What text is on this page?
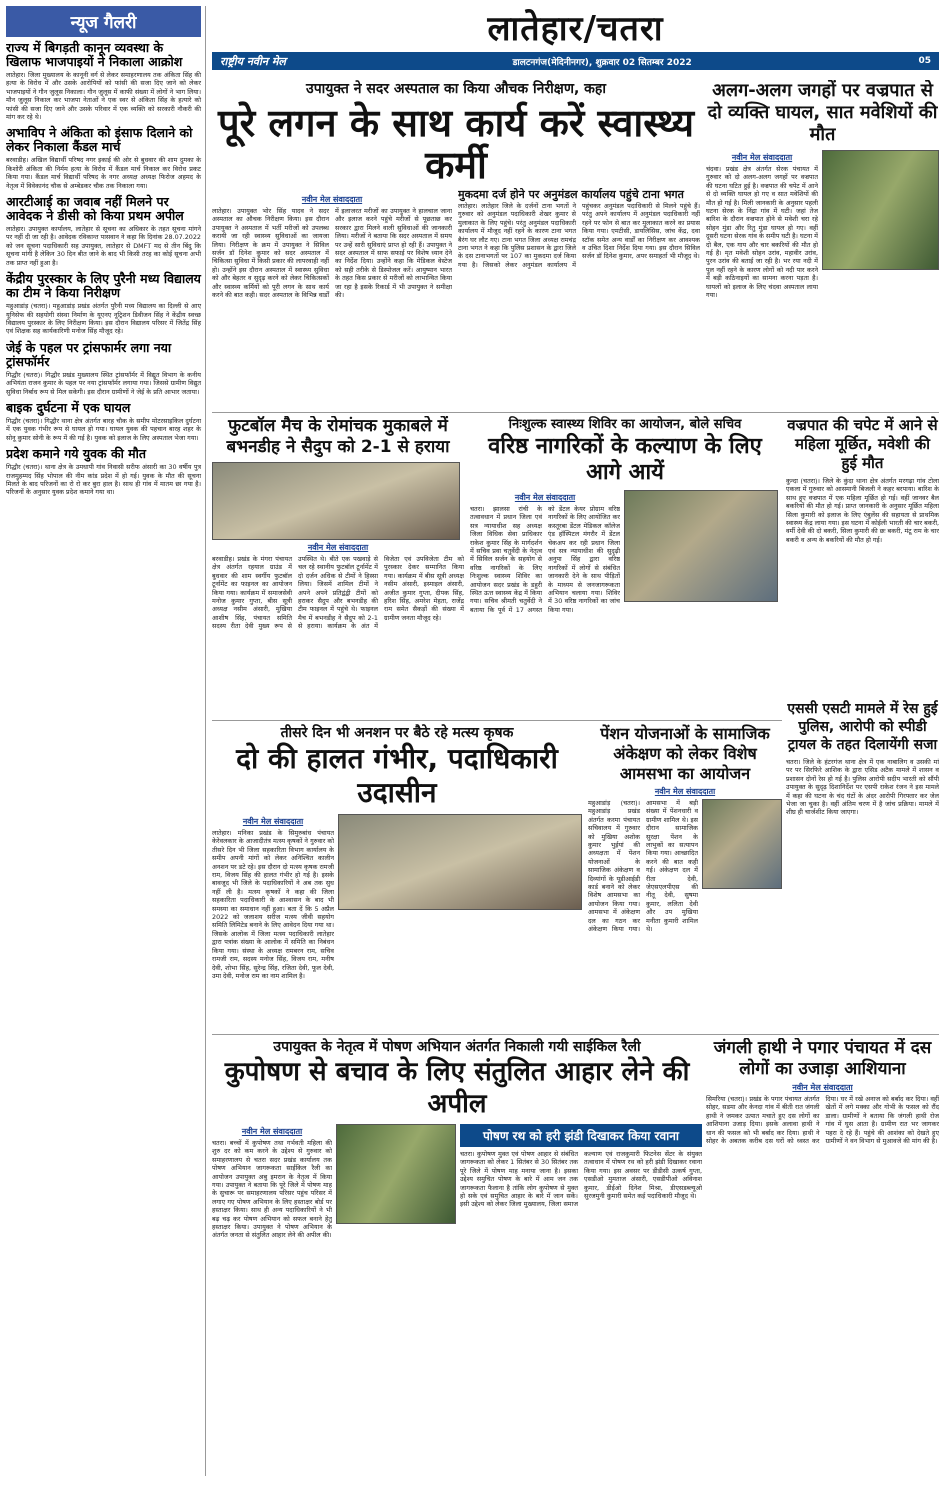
न्यूज गैलरी
राज्य में बिगड़ती कानून व्यवस्था के खिलाफ भाजपाइयों ने निकाला आक्रोश
लातेहार। जिला मुख्यालय के कानूनी वर्ग से लेकर समाहरणालय तक अंकिता सिंह की हत्या के विरोध में और उसके आरोपियों को फांसी की सजा दिए जाने को लेकर भाजपाइयों ने गौन जुलूस निकाला। गौन जुलूस में काफी संख्या में लोगों ने भाग लिया। मौन जुलूस निकाल कर भाजपा नेताओं ने एक स्वर से अंकिता सिंह के हत्यारे को फांसी की सजा दिए जाने और उसके परिवार में एक व्यक्ति को सरकारी नौकरी की मांग कर रहे थे।
अभाविप ने अंकिता को इंसाफ दिलाने को लेकर निकाला कैंडल मार्च
बरवाडीह। अखिल विद्यार्थी परिषद नगर इकाई की ओर से बुधवार की शाम दुमका के किशोरी अंकिता की निर्मम हत्या के विरोध में कैंडल मार्च निकाल कर विरोध प्रकट किया गया। कैंडल मार्च विद्यार्थी परिषद के नगर अध्यक्ष अध्यक्ष फिरोज अहमद के नेतृत्व में विवेकानंद चौक से अम्बेडकर चौक तक निकाला गया।
आरटीआई का जवाब नहीं मिलने पर आवेदक ने डीसी को किया प्रथम अपील
लातेहार। उपायुक्त कार्यालय, लातेहार से सूचना का अधिकार के तहत सूचना मांगने पर नहीं दी जा रही है। आवेदक रविकान्त पासवान ने कहा कि दिनांक 28.07.2022 को जन सूचना पदाधिकारी सह उपायुक्त, लातेहार से DMFT मद से तीन बिंदु कि सूचना मांगी है लेकिन 30 दिन बीत जाने के बाद भी किसी तरह का कोई सूचना अभी तक प्राप्त नहीं हुआ है।
केंद्रीय पुरस्कार के लिए पुरैनी मध्य विद्यालय का टीम ने किया निरीक्षण
महुआडांड़ (चतरा)। महुआडांड़ प्रखंड अंतर्गत पुरैनी मध्य विद्यालय का दिल्ली से आए यूनिसेफ की सहयोगी संस्था निर्माण के यूएनए नूट्रिशन डिवीजन सिंह ने केंद्रीय स्वच्छ विद्यालय पुरस्कार के लिए निरीक्षण किया। इस दौरान विद्यालय परिसर में जितेंद्र सिंह एवं शिक्षक सह कार्यकारिणी मनोज सिंह मौजूद रहे।
जेई के पहल पर ट्रांसफार्मर लगा नया ट्रांसफॉर्मर
गिद्धौर (चतरा)। गिद्धौर प्रखंड मुख्यालय स्थित ट्रांसफॉर्मर में विद्युत विभाग के कनीय अभियंता राजन कुमार के पहल पर नया ट्रांसफॉर्मर लगाया गया। जिससे ग्रामीण विद्युत सुविधा निर्बाध रूप से मिल सकेगी। इस दौरान ग्रामीणों ने जेई के प्रति आभार जताया।
बाइक दुर्घटना में एक घायल
गिद्धौर (चतरा)। गिद्धौर थाना क्षेत्र अंतर्गत बारह चौक के समीप मोटरसाइकिल दुर्घटना में एक युवक गंभीर रूप से घायल हो गया। घायल युवक की पहचान बारह शहर के सोनू कुमार सोनी के रूप में की गई है। युवक को इलाज के लिए अस्पताल भेजा गया।
प्रदेश कमाने गये युवक की मौत
गिद्धौर (चतरा)। थाना क्षेत्र के उमधापी गांव निवासी सरीफ अंसारी का 30 वर्षीय पुत्र राजमुहम्मद सिंह भोपाल की नीम कांड प्रदेश में हो गई। युवक के मौत की सूचना मिलते के बाद परिजनों का रो रो कर बुरा हाल है। साथ ही गांव में मातम छा गया है। परिजनों के अनुसार युवक प्रदेश कमाने गया था।
लातेहार/चतरा
राष्ट्रीय नवीन मेल	डालटनगंज(मेदिनीनगर), शुक्रवार 02 सितम्बर 2022	05
उपायुक्त ने सदर अस्पताल का किया औचक निरीक्षण, कहा
पूरे लगन के साथ कार्य करें स्वास्थ्य कर्मी
नवीन मेल संवाददाता
लातेहार। उपायुक्त भोर सिंह यादव ने सदर अस्पताल का औचक निरीक्षण किया। इस दौरान उपायुक्त ने अस्पताल में भर्ती मरीजों को उपलब्ध करायी जा रही स्वास्थ्य सुविधाओं का जायजा लिया। निरीक्षण के क्रम में उपायुक्त ने सिविल सर्जन डॉ दिनेश कुमार को सदर अस्पताल में चिकित्सा सुविधा में किसी प्रकार की लापरवाही नहीं हो। उन्होंने इस दौरान अस्पताल में स्वास्थ्य सुविधा को और बेहतर व सुदृढ़ करने को लेकर चिकित्सकों और स्वास्थ्य कर्मियों को पूरी लगन के साथ कार्य करने की बात कही। सदर अस्पताल के विभिन्न वार्डों में इलाजरत मरीजों का उपायुक्त ने हालचाल जाना और इलाज करने पहुंचे मरीजों से पूछताछ कर सरकार द्वारा मिलने वाली सुविधाओं की जानकारी लिया। मरीजों ने बताया कि सदर अस्पताल में समय पर उन्हें सारी सुविधाएं प्राप्त हो रही हैं। उपायुक्त ने सदर अस्पताल में साफ सफाई पर विशेष ध्यान देने का निर्देश दिया। उन्होंने कहा कि मेडिकल वेस्टेज को सही तरीके से डिस्पोजल करें। आयुष्मान भारत के तहत किस प्रकार से मरीजों को लाभान्वित किया जा रहा है इसके रिकार्ड में भी उपायुक्त ने समीक्षा की।
अलग-अलग जगहों पर वज्रपात से दो व्यक्ति घायल, सात मवेशियों की मौत
नवीन मेल संवाददाता
चंदवा। प्रखंड क्षेत्र अंतर्गत सेरक पंचायत में गुरुवार को दो अलग-अलग जगहों पर वज्रपात की घटना घटित हुई है। वज्रपात की चपेट में आने से दो व्यक्ति घायल हो गए व सात मवेशियों की मौत हो गई है। मिली जानकारी के अनुसार पहली घटना सेरक के निंद्रा गांव में घटी। जहां तेज बारिश के दौरान वज्रपात होने से मवेशी चरा रहे सोहन मुंडा और रितु मुंडा घायल हो गए। वहीं दूसरी घटना सेरक गांव के समीप घटी है। घटना में दो बैल, एक गाय और चार बकरियों की मौत हो गई है। मृत मवेशी सोहन उरांव, महावीर उरांव, पुरन उरांव की बताई जा रही है। भर रया नदी में पुल नहीं रहने के कारण लोगों को नदी पार करने में बड़ी कठिनाइयों का सामना करना पड़ता है। घायलों को इलाज के लिए चंदवा अस्पताल लाया गया।
मुकदमा दर्ज होने पर अनुमंडल कार्यालय पहुंचे टाना भगत
लातेहार। लातेहार जिले के दर्जनों टाना भगतों ने गुरुवार को अनुमंडल पदाधिकारी शेखर कुमार से मुलाकात के लिए पहुंचे। परंतु अनुमंडल पदाधिकारी कार्यालय में मौजूद नहीं रहने के कारण टाना भगत बैरंग घर लौट गए। टाना भगत जिला अध्यक्ष रामचंद्र टाना भगत ने कहा कि पुलिस प्रशासन के द्वारा जिले के दस टानाभगतों पर 107 का मुकदमा दर्ज किया गया है। जिसको लेकर अनुमंडल कार्यालय में पहुंचकर अनुमंडल पदाधिकारी से मिलने पहुंचे हैं। परंतु अपने कार्यालय में अनुमंडल पदाधिकारी नहीं रहने पर फोन से बात कर मुलाकात करने का प्रयास किया गया। एमटीसी, डायलिसिस, जांच केंद्र, दवा स्टॉक समेत अन्य वार्डों का निरीक्षण कर आवश्यक व उचित दिशा निर्देश दिया गया। इस दौरान सिविल सर्जन डॉ दिनेश कुमार, अपर समाहर्ता भी मौजूद थे।
फुटबॉल मैच के रोमांचक मुकाबले में बभनडीह ने सैदुप को 2-1 से हराया
नवीन मेल संवाददाता
बरवाडीह। प्रखंड के मंगरा पंचायत क्षेत्र अंतर्गत रहयाल ग्राउंड में बुधवार की शाम स्वर्गीय फुटबॉल टूर्नामेंट का फाइनल का आयोजन किया गया। कार्यक्रम में समाजसेवी मनोज कुमार गुप्ता, बीस सूत्री अध्यक्ष नसीम अंसारी, मुखिया आशीष सिंह, पंचायत समिति सदस्य रीता देवी मुख्य रूप से उपस्थित थे। बीते एक पखवाड़े से चल रहे स्थानीय फुटबॉल टूर्नामेंट में दो दर्जन अधिक से टीमों ने हिस्सा लिया। जिसमें शामिल टीमों ने अपने अपने प्रतिद्वंद्वी टीमों को हराकर सैदुप और बभनडीह की टीम फाइनल में पहुंचे थे। फाइनल मैच में बभनडीह ने सैदुप को 2-1 से हराया। कार्यक्रम के अंत में विजेता एवं उपविजेता टीम को पुरस्कार देकर सम्मानित किया गया। कार्यक्रम में बीस सूत्री अध्यक्ष नसीम अंसारी, इस्माइल अंसारी, अजीत कुमार गुप्ता, दीपक सिंह, हरिश सिंह, अमरेश मेहता, राजेंद्र राम समेत सैकड़ों की संख्या में ग्रामीण जनता मौजूद रहे।
निःशुल्क स्वास्थ्य शिविर का आयोजन, बोले सचिव
वरिष्ठ नागरिकों के कल्याण के लिए आगे आयें
नवीन मेल संवाददाता
चतरा। झालसा रांची के तत्वावधान में प्रधान जिला एवं सत्र न्यायाधीश सह अध्यक्ष जिला विधिक सेवा प्राधिकार राकेश कुमार सिंह के मार्गदर्शन में सचिव प्रवा चतुर्वेदी के नेतृत्व में सिविल सर्जन के सहयोग से वरिष्ठ नागरिकों के लिए निःशुल्क स्वास्थ्य शिविर का आयोजन सदर प्रखंड के डहुरी स्थित ऊत्त स्वास्थ्य केंद्र में किया गया। सचिव श्रीमती चतुर्वेदी ने बताया कि पूर्व में 17 अगस्त को डेंटल केयर प्रोग्राम वरिष्ठ नागरिकों के लिए आयोजित कर कस्तूरबा डेंटल मेडिकल कॉलेज एंड हॉस्पिटल मंगरौर में डेंटल चेकअप कर रही प्रधान जिला एवं सत्र न्यायाधीश की सुदृढ़ी अनुपा सिंह द्वारा वरिष्ठ नागरिकों में लोगों से संबंधित जानकारी देने के साथ पीड़ितों के माध्यम से जनजागरूकता अभियान चलाया गया। शिविर में 30 वरिष्ठ नागरिकों का जांच किया गया।
वज्रपात की चपेट में आने से महिला मूर्छित, मवेशी की हुई मौत
कुन्दा (चतरा)। जिले के कुंदा थाना क्षेत्र अंतर्गत मरगढ़ा गांव टोला एकला में गुरुवार को आसमानी बिजली ने कहर बरपाया। बारिश के साथ हुए वज्रपात में एक महिला मूर्छित हो गई। वहीं जानवर बैल बकरियों की मौत हो गई। प्राप्त जानकारी के अनुसार मूर्छित महिला सिला कुमारी को इलाज के लिए एंबुलेंस की सहायता से प्राथमिक स्वास्थ्य केंद्र लाया गया। इस घटना में कोईली भारती की चार बकरी, वर्मी देवी की दो बकरी, सिला कुमारी की छः बकरी, मंटू राम के चार बकरी व अन्य के बकरियों की मौत हो गई।
तीसरे दिन भी अनशन पर बैठे रहे मत्स्य कृषक
दो की हालत गंभीर, पदाधिकारी उदासीन
नवीन मेल संवाददाता
लातेहार। मनिका प्रखंड के सिमुरुबांध पंचायत केरेवलकार के आजादीतंत्र मत्स्य कृषकों ने गुरुवार को तीसरे दिन भी जिला सहकारिता विभाग कार्यालय के समीप अपनी मांगों को लेकर अनिश्चित कालीन अनशन पर डटे रहे। इस दौरान दो मत्स्य कृषक रामजी राम, विजय सिंह की हालत गंभीर हो गई है। इसके बावजूद भी जिले के पदाधिकारियों ने अब तक सुध नहीं ली है। मत्स्य कृषकों ने कहा की जिला सहकारिता पदाधिकारी के आश्वासन के बाद भी समस्या का समाधान नहीं हुआ। बता दें कि 5 अप्रैल 2022 को जलाशय सरीज मत्स्य जीवी सहयोग समिति लिमिटेड बनाने के लिए आवेदन दिया गया था। जिसके आलोक में जिला मत्स्य पदाधिकारी लातेहार द्वारा पत्रांक संख्या के आलोक में समिति का निबंधन किया गया। संस्था के अध्यक्ष रामबरन राम, सचिव रामजी राम, सदस्य मनोज सिंह, विजय राम, मनीष देवी, शोभा सिंह, सुरेन्द्र सिंह, रजिता देवी, फूल देवी, उमा देवी, मनोज राम का नाम शामिल है।
पेंशन योजनाओं के सामाजिक अंकेक्षण को लेकर विशेष आमसभा का आयोजन
नवीन मेल संवाददाता
महुआडांड़ (चतरा)। महुआडांड़ प्रखंड अंतर्गत करमा पंचायत सचिवालय में गुरुवार को मुखिया अशोक कुमार भुईयां की अध्यक्षता में पेंशन योजनाओं के सामाजिक अंकेक्षण व दिव्यांगों के यूडीआईडी कार्ड बनाने को लेकर विशेष आमसभा का आयोजन किया गया। आमसभा में अंकेक्षण दल का गठन कर अंकेक्षण किया गया। आमसभा में बड़ी संख्या में पेंशनधारी व ग्रामीण शामिल थे। इस दौरान सामाजिक सुरक्षा पेंशन के लाभुकों का सत्यापन किया गया। आच्छादित करने की बात कही गई। अंकेक्षण दल में रीता देवी, जेएसएलपीएस की नीतू देवी, सुषमा कुमार, ललिता देवी और उप मुखिया मनीता कुमारी शामिल थे।
एससी एसटी मामले में रेस हुई पुलिस, आरोपी को स्पीडी ट्रायल के तहत दिलायेंगी सजा
चतरा। जिले के हंटरगंज थाना क्षेत्र में एक नाबालिग व उसकी मां पर पर सिरफिरे आशिक के द्वारा एसिड अटैक मामले में शासन व प्रशासन दोनों रेस हो गई है। पुलिस आरोपी सदीप भारती को सौंपी उपायुक्त के सुदृढ़ दिशानिर्देश पर एसपी राकेश रंजन ने इस मामले में कहा की घटना के चंद घंटों के अंदर आरोपी गिरफ्तार कर जेल भेजा जा चुका है। वहीं अंतिम चरण में है जांच प्रक्रिया। मामले में शीघ्र ही चार्जशीट किया जाएगा।
उपायुक्त के नेतृत्व में पोषण अभियान अंतर्गत निकाली गयी साईकिल रैली
कुपोषण से बचाव के लिए संतुलित आहार लेने की अपील
नवीन मेल संवाददाता
चतरा। बच्चों में कुपोषण तथा गर्भवती महिला की शुरु दर को कम करने के उद्देश्य से गुरुवार को समाहरणालय से चतरा सदर प्रखंड कार्यालय तक पोषण अभियान जागरूकता साईकिल रैली का आयोजन उपायुक्त अबु इमरान के नेतृत्व में किया गया। उपायुक्त ने बताया कि पूरे जिले में पोषण माह के सुचारू पर समाहरणालय परिसर पहुंच परिसर में लगाए गए पोषण अभियान के लिए हस्ताक्षर बोर्ड पर हस्ताक्षर किया। साथ ही अन्य पदाधिकारियों ने भी बढ़ चढ़ कर पोषण अभियान को सफल बनाने हेतु हस्ताक्षर किया। उपायुक्त ने पोषण अभियान के अंतर्गत जनता से संतुलित आहार लेने की अपील की।
पोषण रथ को हरी झंडी दिखाकर किया रवाना
चतरा। कुपोषण मुक्त एवं पोषण आहार से संबंधित जागरूकता को लेकर 1 सितंबर से 30 सितंबर तक पूरे जिले में पोषण माह मनाया जाना है। इसका उद्देश्य समुचित पोषण के बारे में आम जन तक जागरूकता फैलाना है तांकि लोग कुपोषण से मुक्त हो सके एवं समुचित आहार के बारे में जान सकें। इसी उद्देश्य को लेकर जिला मुख्यालय, जिला समाज कल्याण एवं राजकुमारी फिटनेस सेंटर के संयुक्त तत्वाधान में पोषण रथ को हरी झंडी दिखाकर रवाना किया गया। इस अवसर पर डीडीसी उत्कर्ष गुप्ता, एसडीओ मुमताज अंसारी, एसडीपीओ अविनाश कुमार, डीईओ दिनेश मिश्रा, डीएसडब्ल्यूओ सुरजमुनी कुमारी समेत कई पदाधिकारी मौजूद थे।
जंगली हाथी ने पगार पंचायत में दस लोगों का उजाड़ा आशियाना
नवीन मेल संवाददाता
सिमरिया (चतरा)। प्रखंड के पगार पंचायत अंतर्गत सोहर, सडमा और केनदा गांव में बीती रात जंगली हाथी ने जमकर उत्पात मचाते हुए दस लोगों का आशियाना उजाड़ दिया। इसके अलावा हाथी ने धान की फसल को भी बर्बाद कर दिया। हाथी ने सोहर के अबतक करीब दस घरों को ध्वस्त कर दिया। घर में रखे अनाज को बर्बाद कर दिया। वहीं खेतों में लगे मक्का और गोभी के फसल को रौंद डाला। ग्रामीणों ने बताया कि जंगली हाथी रोज गांव में घुस आता है। ग्रामीण रात भर जागकर पहरा दे रहे हैं। पहुंचे की आशंका को देखते हुए ग्रामीणों ने वन विभाग से मुआवजे की मांग की है।
